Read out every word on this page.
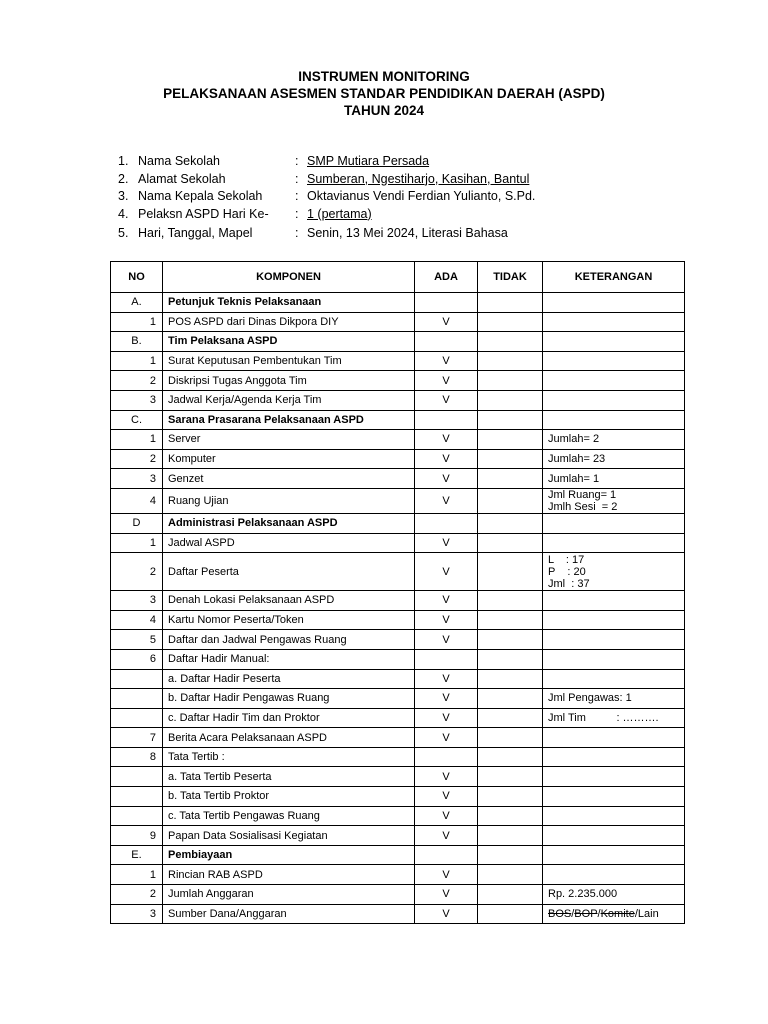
INSTRUMEN MONITORING
PELAKSANAAN ASESMEN STANDAR PENDIDIKAN DAERAH (ASPD)
TAHUN 2024
1. Nama Sekolah	: SMP Mutiara Persada
2. Alamat Sekolah	: Sumberan, Ngestiharjo, Kasihan, Bantul
3. Nama Kepala Sekolah	: Oktavianus Vendi Ferdian Yulianto, S.Pd.
4. Pelaksn ASPD Hari Ke- : 1 (pertama)
5. Hari, Tanggal, Mapel	: Senin, 13 Mei 2024, Literasi Bahasa
NO	KOMPONEN	ADA	TIDAK	KETERANGAN
A.	Petunjuk Teknis Pelaksanaan			
1	POS ASPD dari Dinas Dikpora DIY	V		
B.	Tim Pelaksana ASPD			
1	Surat Keputusan Pembentukan Tim	V		
2	Diskripsi Tugas Anggota Tim	V		
3	Jadwal Kerja/Agenda Kerja Tim	V		
C.	Sarana Prasarana Pelaksanaan ASPD			
1	Server	V		Jumlah= 2
2	Komputer	V		Jumlah= 23
3	Genzet	V		Jumlah= 1
4	Ruang Ujian	V		Jml Ruang= 1
Jmlh Sesi  = 2

D	Administrasi Pelaksanaan ASPD			
1	Jadwal ASPD	V		
2	Daftar Peserta	V		L    : 17
P    : 20
Jml  : 37

3	Denah Lokasi Pelaksanaan ASPD	V		
4	Kartu Nomor Peserta/Token	V		
5	Daftar dan Jadwal Pengawas Ruang	V		
6	Daftar Hadir Manual:			
	a. Daftar Hadir Peserta	V		
	b. Daftar Hadir Pengawas Ruang	V		Jml Pengawas: 1
	c. Daftar Hadir Tim dan Proktor	V		Jml Tim          : ……….
7	Berita Acara Pelaksanaan ASPD	V		
8	Tata Tertib :			
	a. Tata Tertib Peserta	V		
	b. Tata Tertib Proktor	V		
	c. Tata Tertib Pengawas Ruang	V		
9	Papan Data Sosialisasi Kegiatan	V		
E.	Pembiayaan			
1	Rincian RAB ASPD	V		
2	Jumlah Anggaran	V		Rp. 2.235.000
3	Sumber Dana/Anggaran	V		BOS/BOP/Komite/Lain
